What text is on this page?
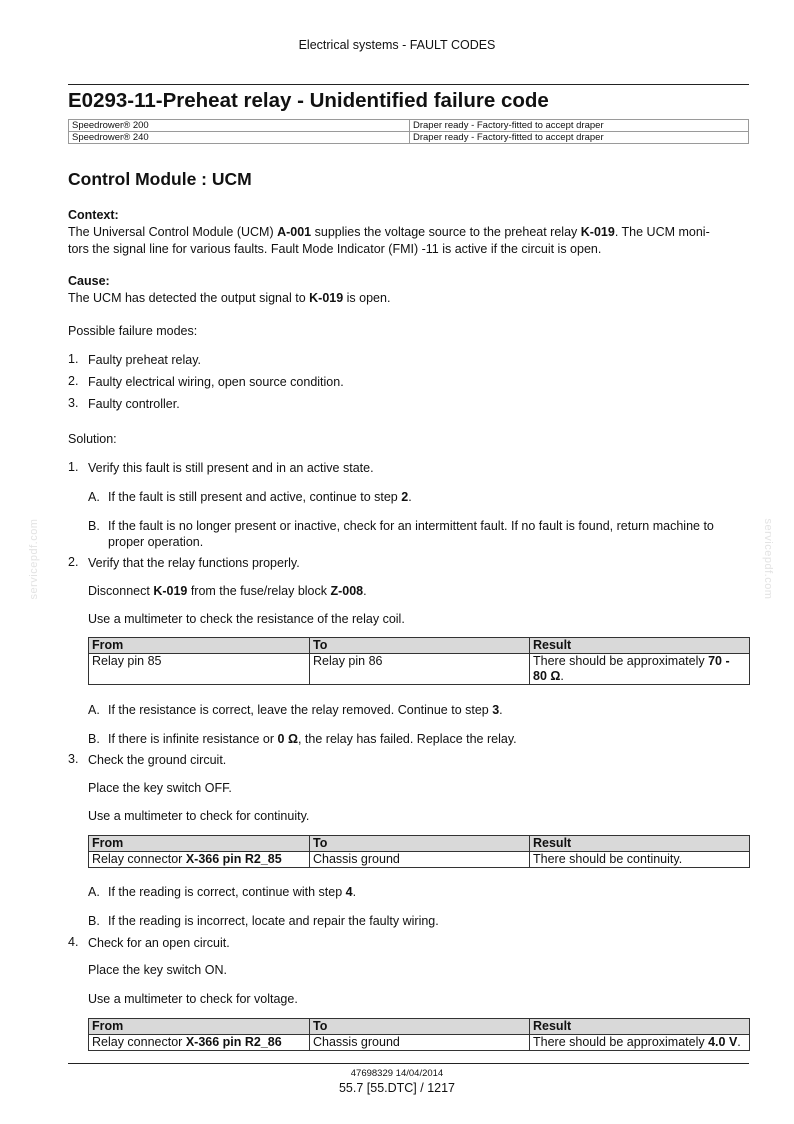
servicepdf.com	servicepdf.com
Electrical systems - FAULT CODES
E0293-11-Preheat relay - Unidentified failure code
Speedrower® 200	Draper ready - Factory-fitted to accept draper
Speedrower® 240	Draper ready - Factory-fitted to accept draper
Control Module : UCM
Context:
The Universal Control Module (UCM) A-001 supplies the voltage source to the preheat relay K-019. The UCM moni-
tors the signal line for various faults. Fault Mode Indicator (FMI) -11 is active if the circuit is open.
Cause:
The UCM has detected the output signal to K-019 is open.
Possible failure modes:
1. Faulty preheat relay.
2. Faulty electrical wiring, open source condition.
3. Faulty controller.
Solution:
1. Verify this fault is still present and in an active state.
A. If the fault is still present and active, continue to step 2.
B. If the fault is no longer present or inactive, check for an intermittent fault. If no fault is found, return machine to
proper operation.
2. Verify that the relay functions properly.
Disconnect K-019 from the fuse/relay block Z-008.
Use a multimeter to check the resistance of the relay coil.
From	To	Result
Relay pin 85	Relay pin 86	There should be approximately 70 -
80 Ω.
A. If the resistance is correct, leave the relay removed. Continue to step 3.
B. If there is infinite resistance or 0 Ω, the relay has failed. Replace the relay.
3. Check the ground circuit.
Place the key switch OFF.
Use a multimeter to check for continuity.
From	To	Result
Relay connector X-366 pin R2_85	Chassis ground	There should be continuity.
A. If the reading is correct, continue with step 4.
B. If the reading is incorrect, locate and repair the faulty wiring.
4. Check for an open circuit.
Place the key switch ON.
Use a multimeter to check for voltage.
From	To	Result
Relay connector X-366 pin R2_86	Chassis ground	There should be approximately 4.0 V.
47698329 14/04/2014
55.7 [55.DTC] / 1217
